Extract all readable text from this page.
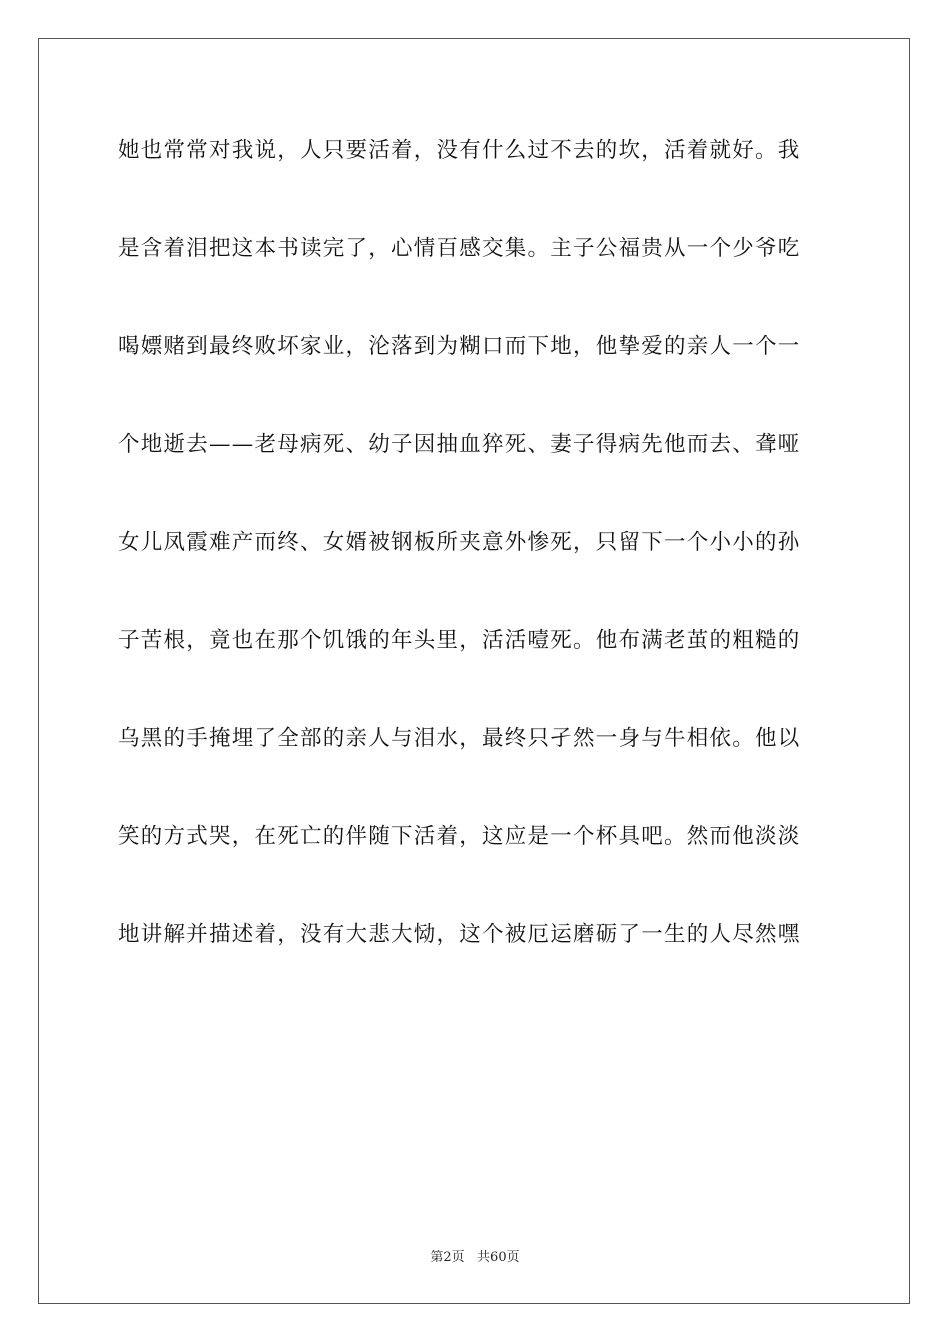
她也常常对我说，人只要活着，没有什么过不去的坎，活着就好。我
是含着泪把这本书读完了，心情百感交集。主子公福贵从一个少爷吃
喝嫖赌到最终败坏家业，沦落到为糊口而下地，他挚爱的亲人一个一
个地逝去——老母病死、幼子因抽血猝死、妻子得病先他而去、聋哑
女儿凤霞难产而终、女婿被钢板所夹意外惨死，只留下一个小小的孙
子苦根，竟也在那个饥饿的年头里，活活噎死。他布满老茧的粗糙的
乌黑的手掩埋了全部的亲人与泪水，最终只孑然一身与牛相依。他以
笑的方式哭，在死亡的伴随下活着，这应是一个杯具吧。然而他淡淡
地讲解并描述着，没有大悲大恸，这个被厄运磨砺了一生的人尽然嘿
第2页   共60页
